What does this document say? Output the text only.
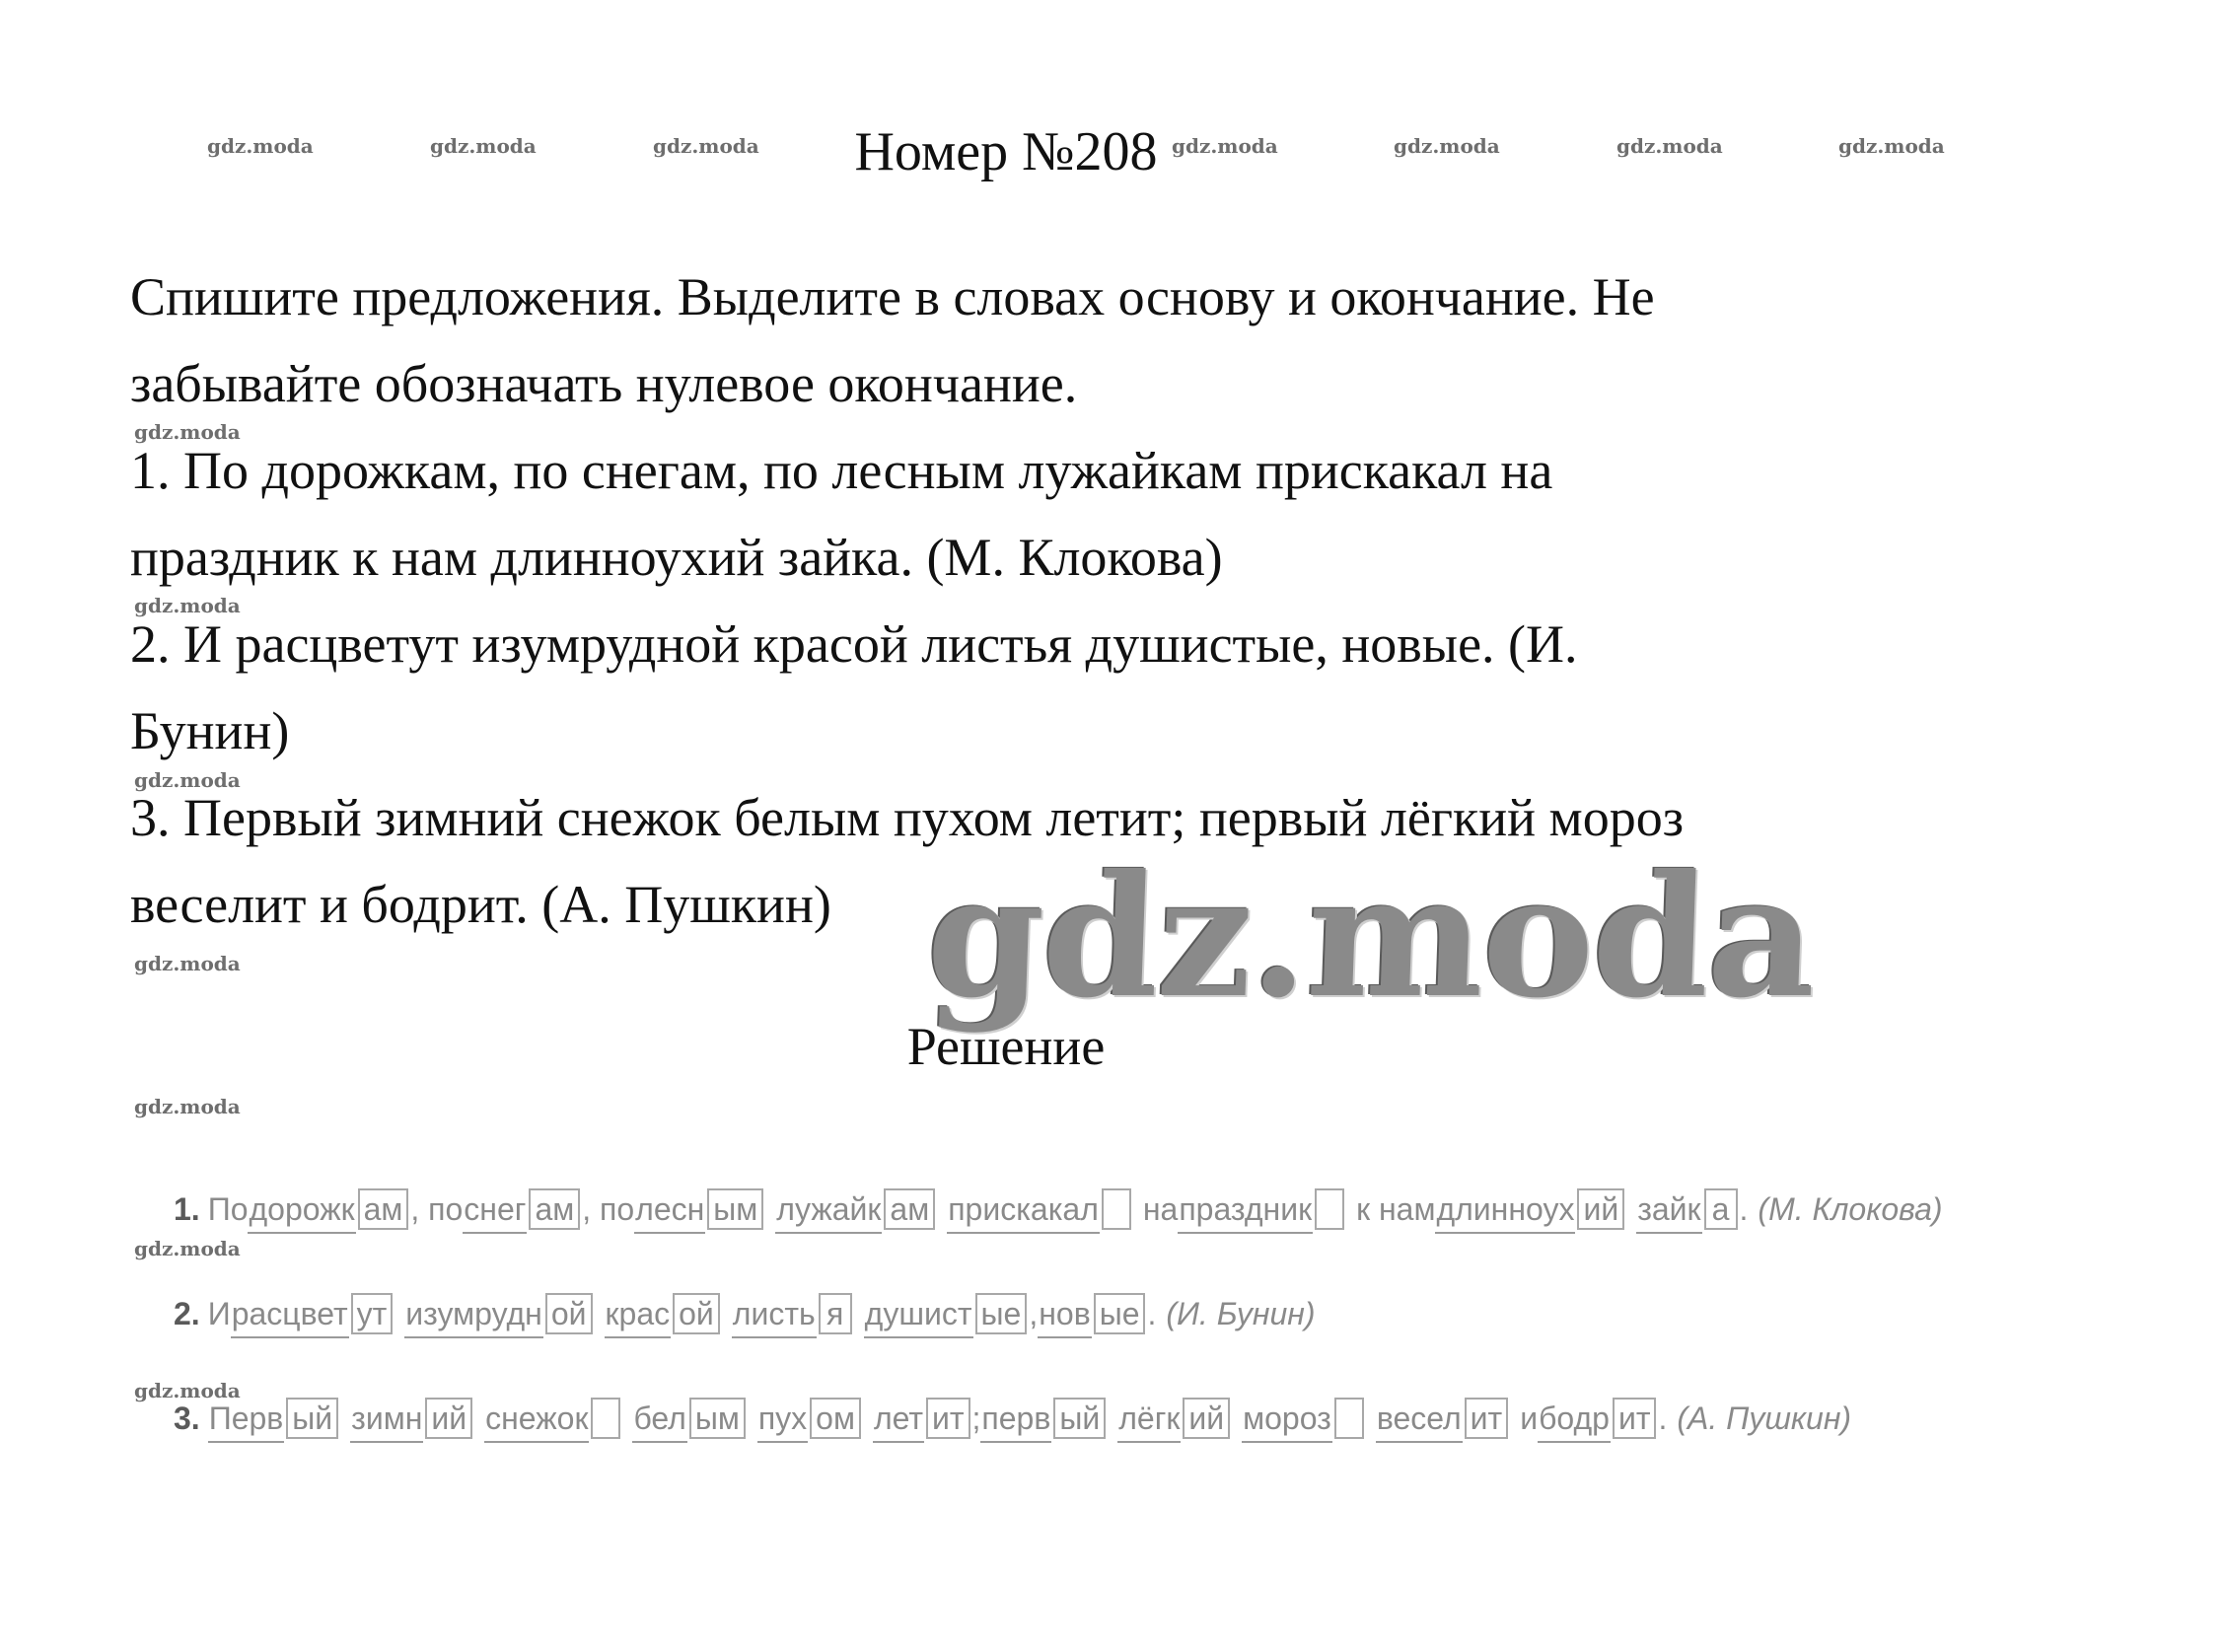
Номер №208
gdz.moda	gdz.moda	gdz.moda	gdz.moda	gdz.moda	gdz.moda	gdz.moda
Спишите предложения. Выделите в словах основу и окончание. Не
забывайте обозначать нулевое окончание.
gdz.moda
1. По дорожкам, по снегам, по лесным лужайкам прискакал на
праздник к нам длинноухий зайка. (М. Клокова)
gdz.moda
2. И расцветут изумрудной красой листья душистые, новые. (И.
Бунин)
gdz.moda
3. Первый зимний снежок белым пухом летит; первый лёгкий мороз
веселит и бодрит. (А. Пушкин) gdz.moda
gdz.moda
Решение
gdz.moda
1. По дорожк ам , по снег ам , по лесн ым лужайк ам прискакал на праздник к нам длинноух ий зайк а . (М. Клокова)
gdz.moda
2. И расцвет ут изумрудн ой крас ой листь я душист ые , нов ые . (И. Бунин)
gdz.moda
3. Перв ый зимн ий снежок бел ым пух ом лет ит ; перв ый лёгк ий мороз весел ит и бодр ит . (А. Пушкин)
